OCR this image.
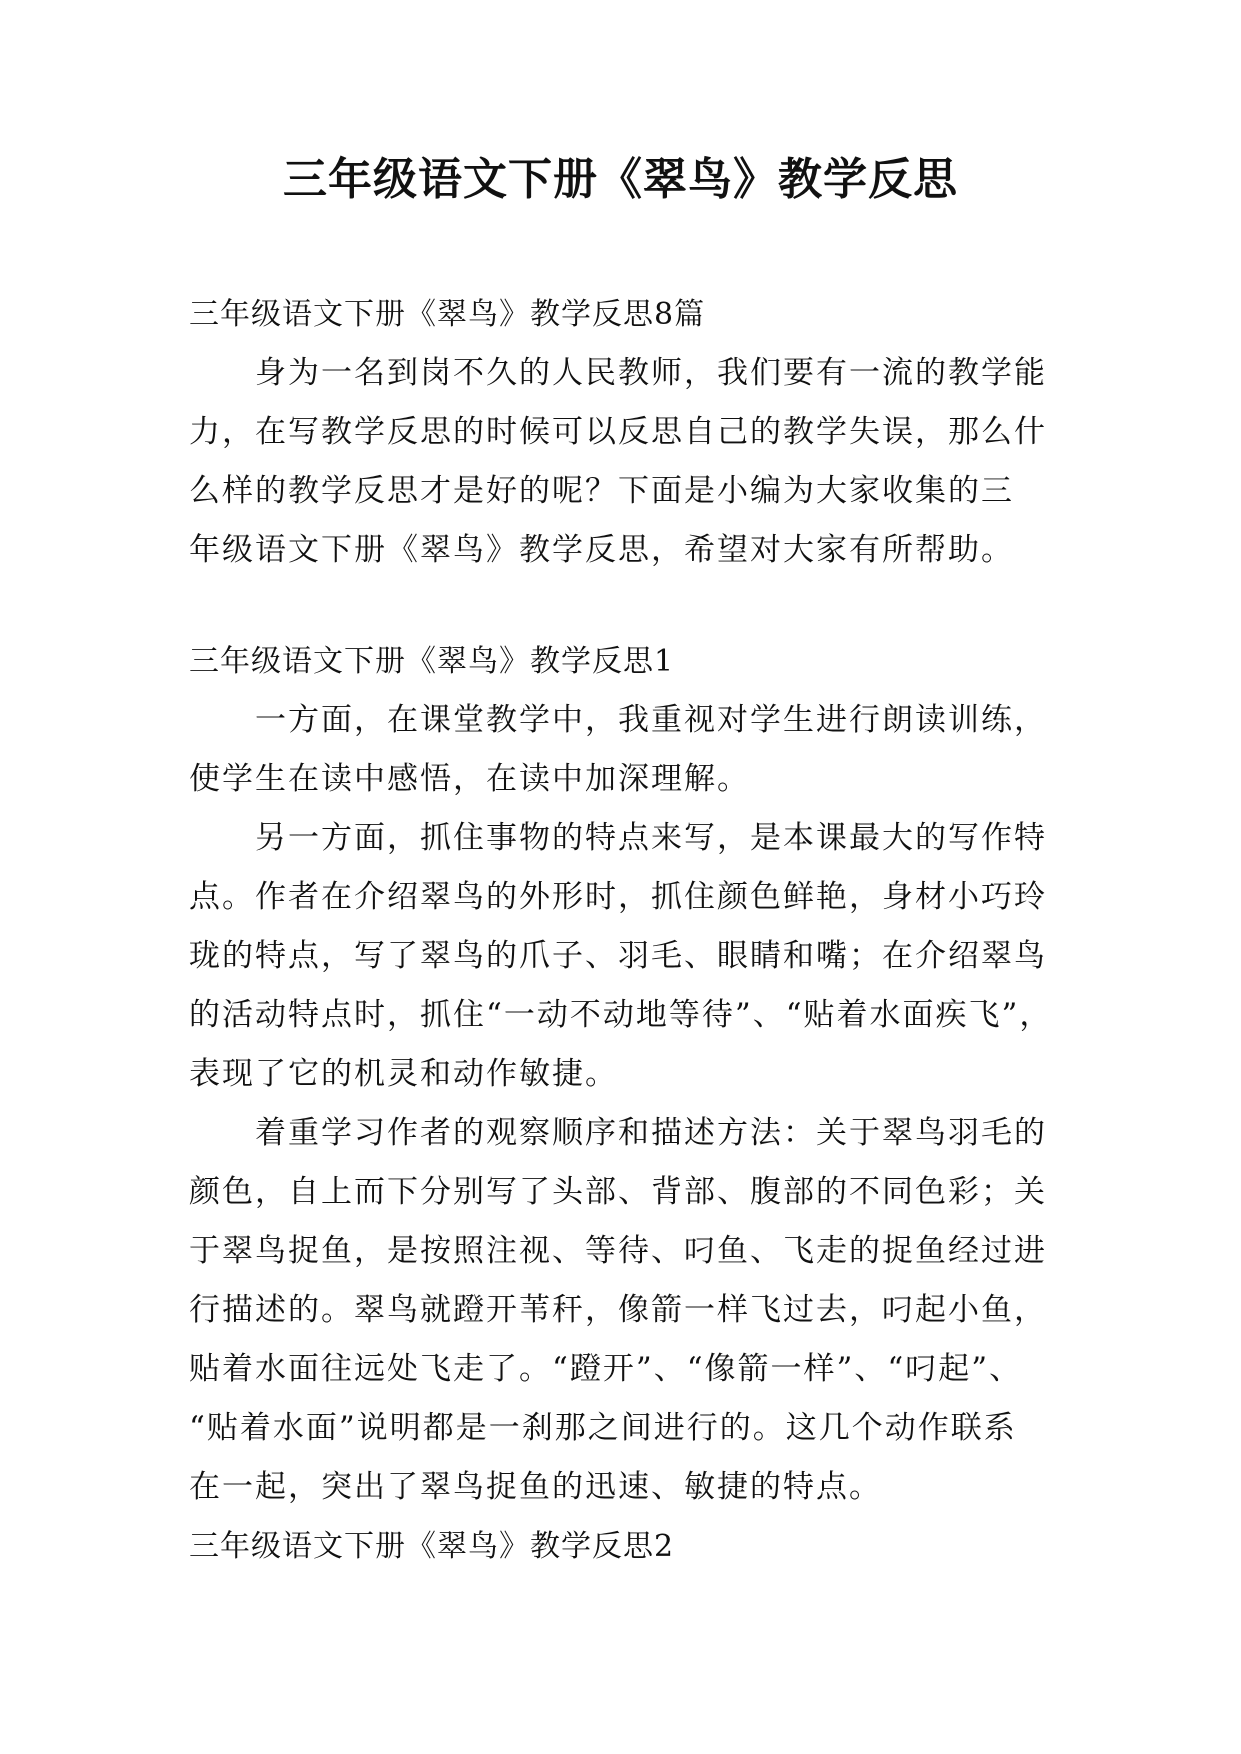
三年级语文下册《翠鸟》教学反思

三年级语文下册《翠鸟》教学反思8篇

　　身为一名到岗不久的人民教师，我们要有一流的教学能

力，在写教学反思的时候可以反思自己的教学失误，那么什

么样的教学反思才是好的呢？下面是小编为大家收集的三

年级语文下册《翠鸟》教学反思，希望对大家有所帮助。

三年级语文下册《翠鸟》教学反思1

　　一方面，在课堂教学中，我重视对学生进行朗读训练，

使学生在读中感悟，在读中加深理解。

　　另一方面，抓住事物的特点来写，是本课最大的写作特

点。作者在介绍翠鸟的外形时，抓住颜色鲜艳，身材小巧玲

珑的特点，写了翠鸟的爪子、羽毛、眼睛和嘴；在介绍翠鸟

的活动特点时，抓住“一动不动地等待”、“贴着水面疾飞”，

表现了它的机灵和动作敏捷。

　　着重学习作者的观察顺序和描述方法：关于翠鸟羽毛的

颜色，自上而下分别写了头部、背部、腹部的不同色彩；关

于翠鸟捉鱼，是按照注视、等待、叼鱼、飞走的捉鱼经过进

行描述的。翠鸟就蹬开苇秆，像箭一样飞过去，叼起小鱼，

贴着水面往远处飞走了。“蹬开”、“像箭一样”、“叼起”、

“贴着水面”说明都是一刹那之间进行的。这几个动作联系

在一起，突出了翠鸟捉鱼的迅速、敏捷的特点。

三年级语文下册《翠鸟》教学反思2
